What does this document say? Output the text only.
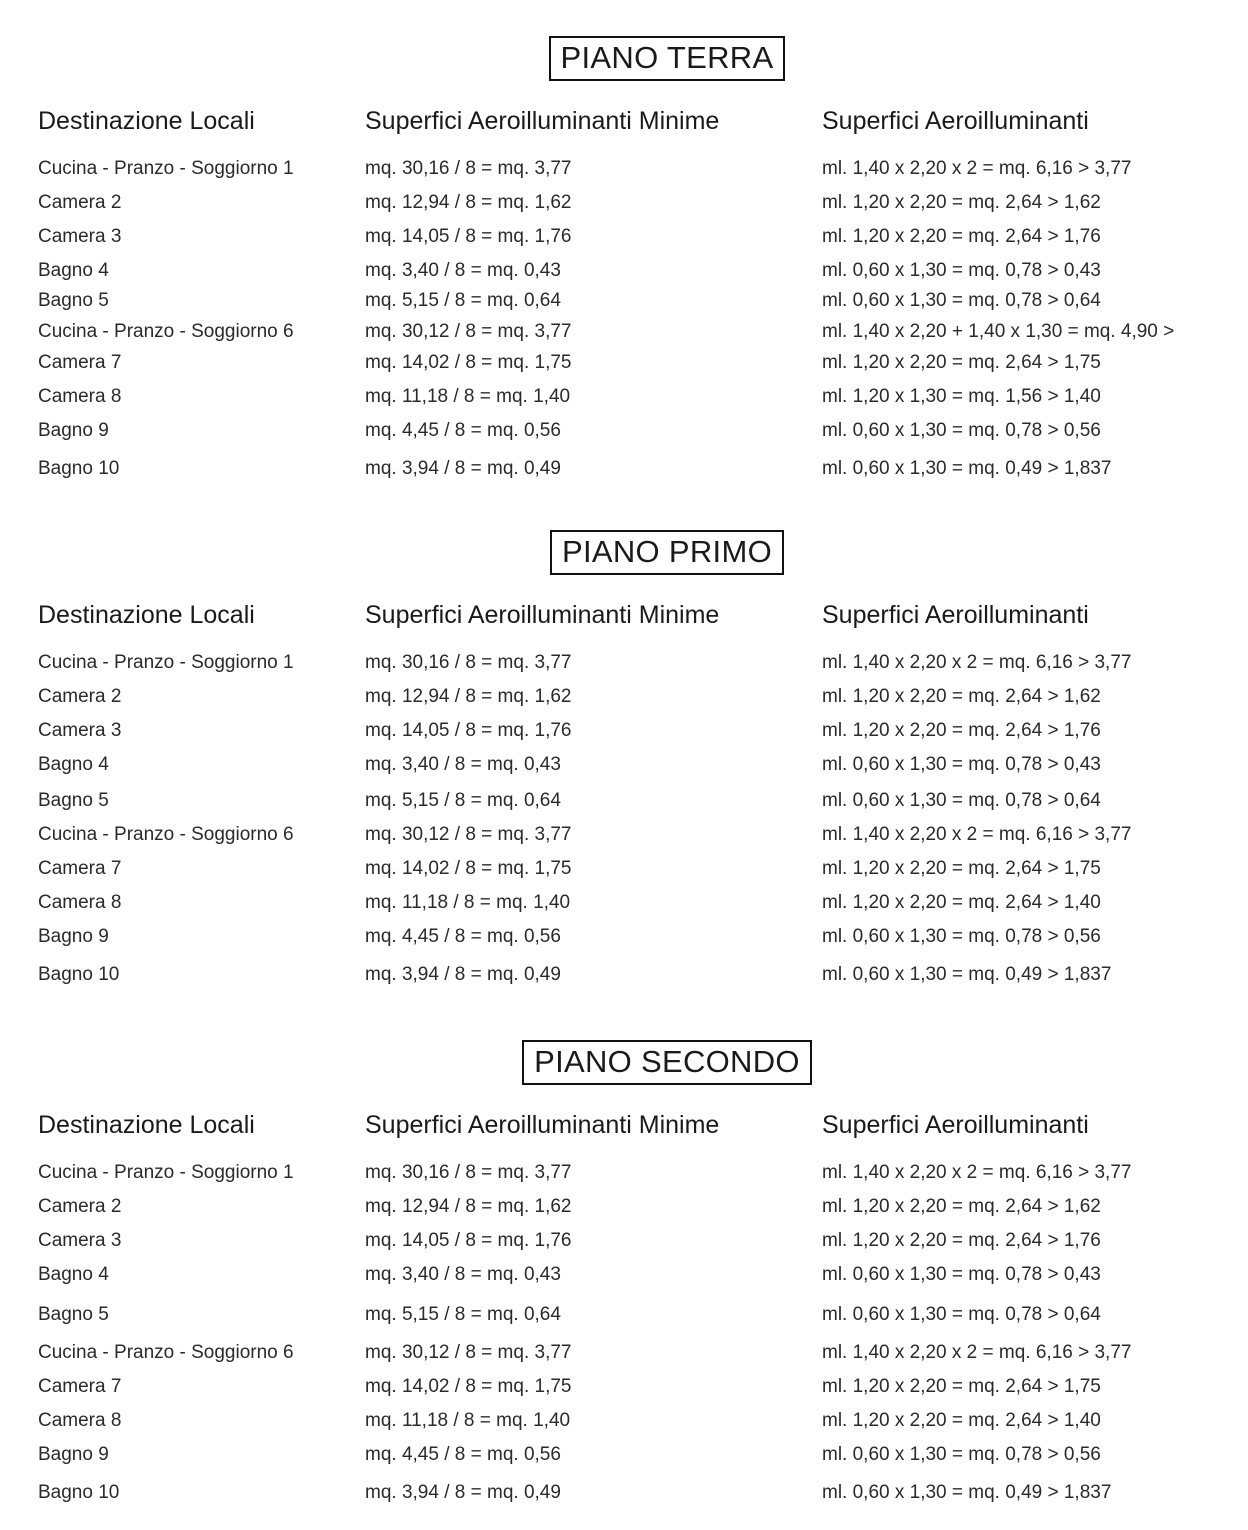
PIANO TERRA
Destinazione Locali	Superfici Aeroilluminanti Minime	Superfici Aeroilluminanti
Cucina - Pranzo - Soggiorno 1	mq. 30,16 / 8 = mq. 3,77	ml. 1,40 x 2,20 x 2 = mq. 6,16 > 3,77
Camera 2	mq. 12,94 / 8 = mq. 1,62	ml. 1,20 x 2,20 = mq. 2,64 > 1,62
Camera 3	mq. 14,05 / 8 = mq. 1,76	ml. 1,20 x 2,20 = mq. 2,64 > 1,76
Bagno 4	mq. 3,40 / 8 = mq. 0,43	ml. 0,60 x 1,30 = mq. 0,78 > 0,43
Bagno 5	mq. 5,15 / 8 = mq. 0,64	ml. 0,60 x 1,30 = mq. 0,78 > 0,64
Cucina - Pranzo - Soggiorno 6	mq. 30,12 / 8 = mq. 3,77	ml. 1,40 x 2,20 + 1,40 x 1,30 = mq. 4,90 >
Camera 7	mq. 14,02 / 8 = mq. 1,75	ml. 1,20 x 2,20 = mq. 2,64 > 1,75
Camera 8	mq. 11,18 / 8 = mq. 1,40	ml. 1,20 x 1,30 = mq. 1,56 > 1,40
Bagno 9	mq. 4,45 / 8 = mq. 0,56	ml. 0,60 x 1,30 = mq. 0,78 > 0,56
Bagno 10	mq. 3,94 / 8 = mq. 0,49	ml. 0,60 x 1,30 = mq. 0,49 > 1,837
PIANO PRIMO
Destinazione Locali	Superfici Aeroilluminanti Minime	Superfici Aeroilluminanti
Cucina - Pranzo - Soggiorno 1	mq. 30,16 / 8 = mq. 3,77	ml. 1,40 x 2,20 x 2 = mq. 6,16 > 3,77
Camera 2	mq. 12,94 / 8 = mq. 1,62	ml. 1,20 x 2,20 = mq. 2,64 > 1,62
Camera 3	mq. 14,05 / 8 = mq. 1,76	ml. 1,20 x 2,20 = mq. 2,64 > 1,76
Bagno 4	mq. 3,40 / 8 = mq. 0,43	ml. 0,60 x 1,30 = mq. 0,78 > 0,43
Bagno 5	mq. 5,15 / 8 = mq. 0,64	ml. 0,60 x 1,30 = mq. 0,78 > 0,64
Cucina - Pranzo - Soggiorno 6	mq. 30,12 / 8 = mq. 3,77	ml. 1,40 x 2,20 x 2 = mq. 6,16 > 3,77
Camera 7	mq. 14,02 / 8 = mq. 1,75	ml. 1,20 x 2,20 = mq. 2,64 > 1,75
Camera 8	mq. 11,18 / 8 = mq. 1,40	ml. 1,20 x 2,20 = mq. 2,64 > 1,40
Bagno 9	mq. 4,45 / 8 = mq. 0,56	ml. 0,60 x 1,30 = mq. 0,78 > 0,56
Bagno 10	mq. 3,94 / 8 = mq. 0,49	ml. 0,60 x 1,30 = mq. 0,49 > 1,837
PIANO SECONDO
Destinazione Locali	Superfici Aeroilluminanti Minime	Superfici Aeroilluminanti
Cucina - Pranzo - Soggiorno 1	mq. 30,16 / 8 = mq. 3,77	ml. 1,40 x 2,20 x 2 = mq. 6,16 > 3,77
Camera 2	mq. 12,94 / 8 = mq. 1,62	ml. 1,20 x 2,20 = mq. 2,64 > 1,62
Camera 3	mq. 14,05 / 8 = mq. 1,76	ml. 1,20 x 2,20 = mq. 2,64 > 1,76
Bagno 4	mq. 3,40 / 8 = mq. 0,43	ml. 0,60 x 1,30 = mq. 0,78 > 0,43
Bagno 5	mq. 5,15 / 8 = mq. 0,64	ml. 0,60 x 1,30 = mq. 0,78 > 0,64
Cucina - Pranzo - Soggiorno 6	mq. 30,12 / 8 = mq. 3,77	ml. 1,40 x 2,20 x 2 = mq. 6,16 > 3,77
Camera 7	mq. 14,02 / 8 = mq. 1,75	ml. 1,20 x 2,20 = mq. 2,64 > 1,75
Camera 8	mq. 11,18 / 8 = mq. 1,40	ml. 1,20 x 2,20 = mq. 2,64 > 1,40
Bagno 9	mq. 4,45 / 8 = mq. 0,56	ml. 0,60 x 1,30 = mq. 0,78 > 0,56
Bagno 10	mq. 3,94 / 8 = mq. 0,49	ml. 0,60 x 1,30 = mq. 0,49 > 1,837
